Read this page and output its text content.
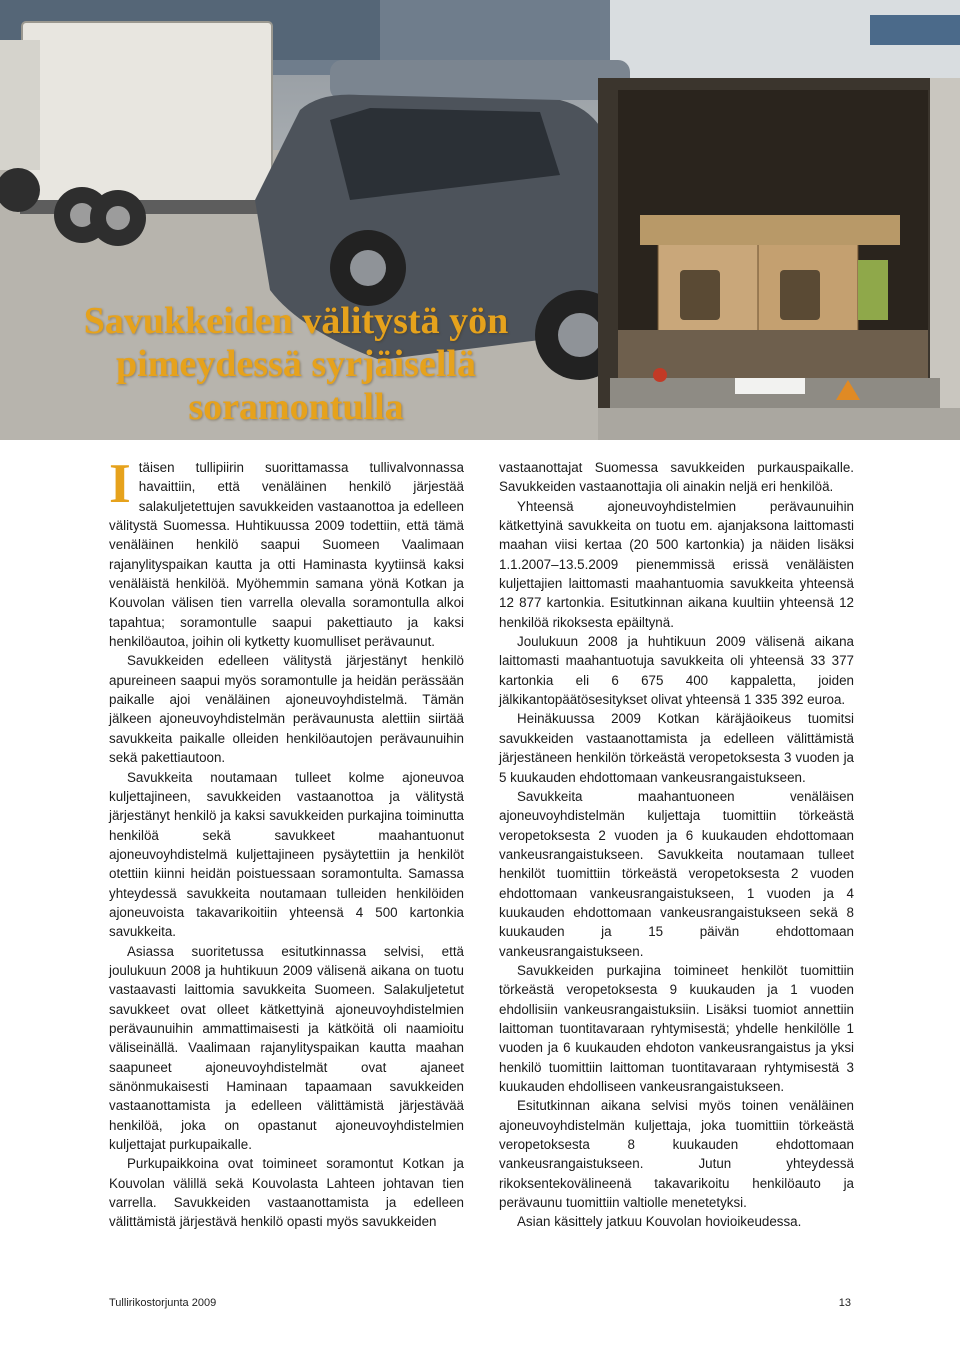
Savukkeiden välitystä yön
pimeydessä syrjäisellä
soramontulla

Itäisen tullipiirin suorittamassa tullivalvonnassa havaittiin, että venäläinen henkilö järjestää salakuljetettujen savukkeiden vastaanottoa ja edelleen välitystä Suomessa. Huhtikuussa 2009 todettiin, että tämä venäläinen henkilö saapui Suomeen Vaalimaan rajanylityspaikan kautta ja otti Haminasta kyytiinsä kaksi venäläistä henkilöä. Myöhemmin samana yönä Kotkan ja Kouvolan välisen tien varrella olevalla soramontulla alkoi tapahtua; soramontulle saapui pakettiauto ja kaksi henkilöautoa, joihin oli kytketty kuomulliset perävaunut.

Savukkeiden edelleen välitystä järjestänyt henkilö apureineen saapui myös soramontulle ja heidän perässään paikalle ajoi venäläinen ajoneuvoyhdistelmä. Tämän jälkeen ajoneuvoyhdistelmän perävaunusta alettiin siirtää savukkeita paikalle olleiden henkilöautojen perävaunuihin sekä pakettiautoon.

Savukkeita noutamaan tulleet kolme ajoneuvoa kuljettajineen, savukkeiden vastaanottoa ja välitystä järjestänyt henkilö ja kaksi savukkeiden purkajina toiminutta henkilöä sekä savukkeet maahantuonut ajoneuvoyhdistelmä kuljettajineen pysäytettiin ja henkilöt otettiin kiinni heidän poistuessaan soramontulta. Samassa yhteydessä savukkeita noutamaan tulleiden henkilöiden ajoneuvoista takavarikoitiin yhteensä 4 500 kartonkia savukkeita.

Asiassa suoritetussa esitutkinnassa selvisi, että joulukuun 2008 ja huhtikuun 2009 välisenä aikana on tuotu vastaavasti laittomia savukkeita Suomeen. Salakuljetetut savukkeet ovat olleet kätkettyinä ajoneuvoyhdistelmien perävaunuihin ammattimaisesti ja kätköitä oli naamioitu väliseinällä. Vaalimaan rajanylityspaikan kautta maahan saapuneet ajoneuvoyhdistelmät ovat ajaneet sänönmukaisesti Haminaan tapaamaan savukkeiden vastaanottamista ja edelleen välittämistä järjestävää henkilöä, joka on opastanut ajoneuvoyhdistelmien kuljettajat purkupaikalle.

Purkupaikkoina ovat toimineet soramontut Kotkan ja Kouvolan välillä sekä Kouvolasta Lahteen johtavan tien varrella. Savukkeiden vastaanottamista ja edelleen välittämistä järjestävä henkilö opasti myös savukkeiden

vastaanottajat Suomessa savukkeiden purkauspaikalle. Savukkeiden vastaanottajia oli ainakin neljä eri henkilöä.

Yhteensä ajoneuvoyhdistelmien perävaunuihin kätkettyinä savukkeita on tuotu em. ajanjaksona laittomasti maahan viisi kertaa (20 500 kartonkia) ja näiden lisäksi 1.1.2007–13.5.2009 pienemmissä erissä venäläisten kuljettajien laittomasti maahantuomia savukkeita yhteensä 12 877 kartonkia. Esitutkinnan aikana kuultiin yhteensä 12 henkilöä rikoksesta epäiltynä.

Joulukuun 2008 ja huhtikuun 2009 välisenä aikana laittomasti maahantuotuja savukkeita oli yhteensä 33 377 kartonkia eli 6 675 400 kappaletta, joiden jälkikantopäätösesitykset olivat yhteensä 1 335 392 euroa.

Heinäkuussa 2009 Kotkan käräjäoikeus tuomitsi savukkeiden vastaanottamista ja edelleen välittämistä järjestäneen henkilön törkeästä veropetoksesta 3 vuoden ja 5 kuukauden ehdottomaan vankeusrangaistukseen.

Savukkeita maahantuoneen venäläisen ajoneuvoyhdistelmän kuljettaja tuomittiin törkeästä veropetoksesta 2 vuoden ja 6 kuukauden ehdottomaan vankeusrangaistukseen. Savukkeita noutamaan tulleet henkilöt tuomittiin törkeästä veropetoksesta 2 vuoden ehdottomaan vankeusrangaistukseen, 1 vuoden ja 4 kuukauden ehdottomaan vankeusrangaistukseen sekä 8 kuukauden ja 15 päivän ehdottomaan vankeusrangaistukseen.

Savukkeiden purkajina toimineet henkilöt tuomittiin törkeästä veropetoksesta 9 kuukauden ja 1 vuoden ehdollisiin vankeusrangaistuksiin. Lisäksi tuomiot annettiin laittoman tuontitavaraan ryhtymisestä; yhdelle henkilölle 1 vuoden ja 6 kuukauden ehdoton vankeusrangaistus ja yksi henkilö tuomittiin laittoman tuontitavaraan ryhtymisestä 3 kuukauden ehdolliseen vankeusrangaistukseen.

Esitutkinnan aikana selvisi myös toinen venäläinen ajoneuvoyhdistelmän kuljettaja, joka tuomittiin törkeästä veropetoksesta 8 kuukauden ehdottomaan vankeusrangaistukseen. Jutun yhteydessä rikoksentekovälineenä takavarikoitu henkilöauto ja perävaunu tuomittiin valtiolle menetetyksi.

Asian käsittely jatkuu Kouvolan hovioikeudessa.

Tullirikostorjunta 2009	13
